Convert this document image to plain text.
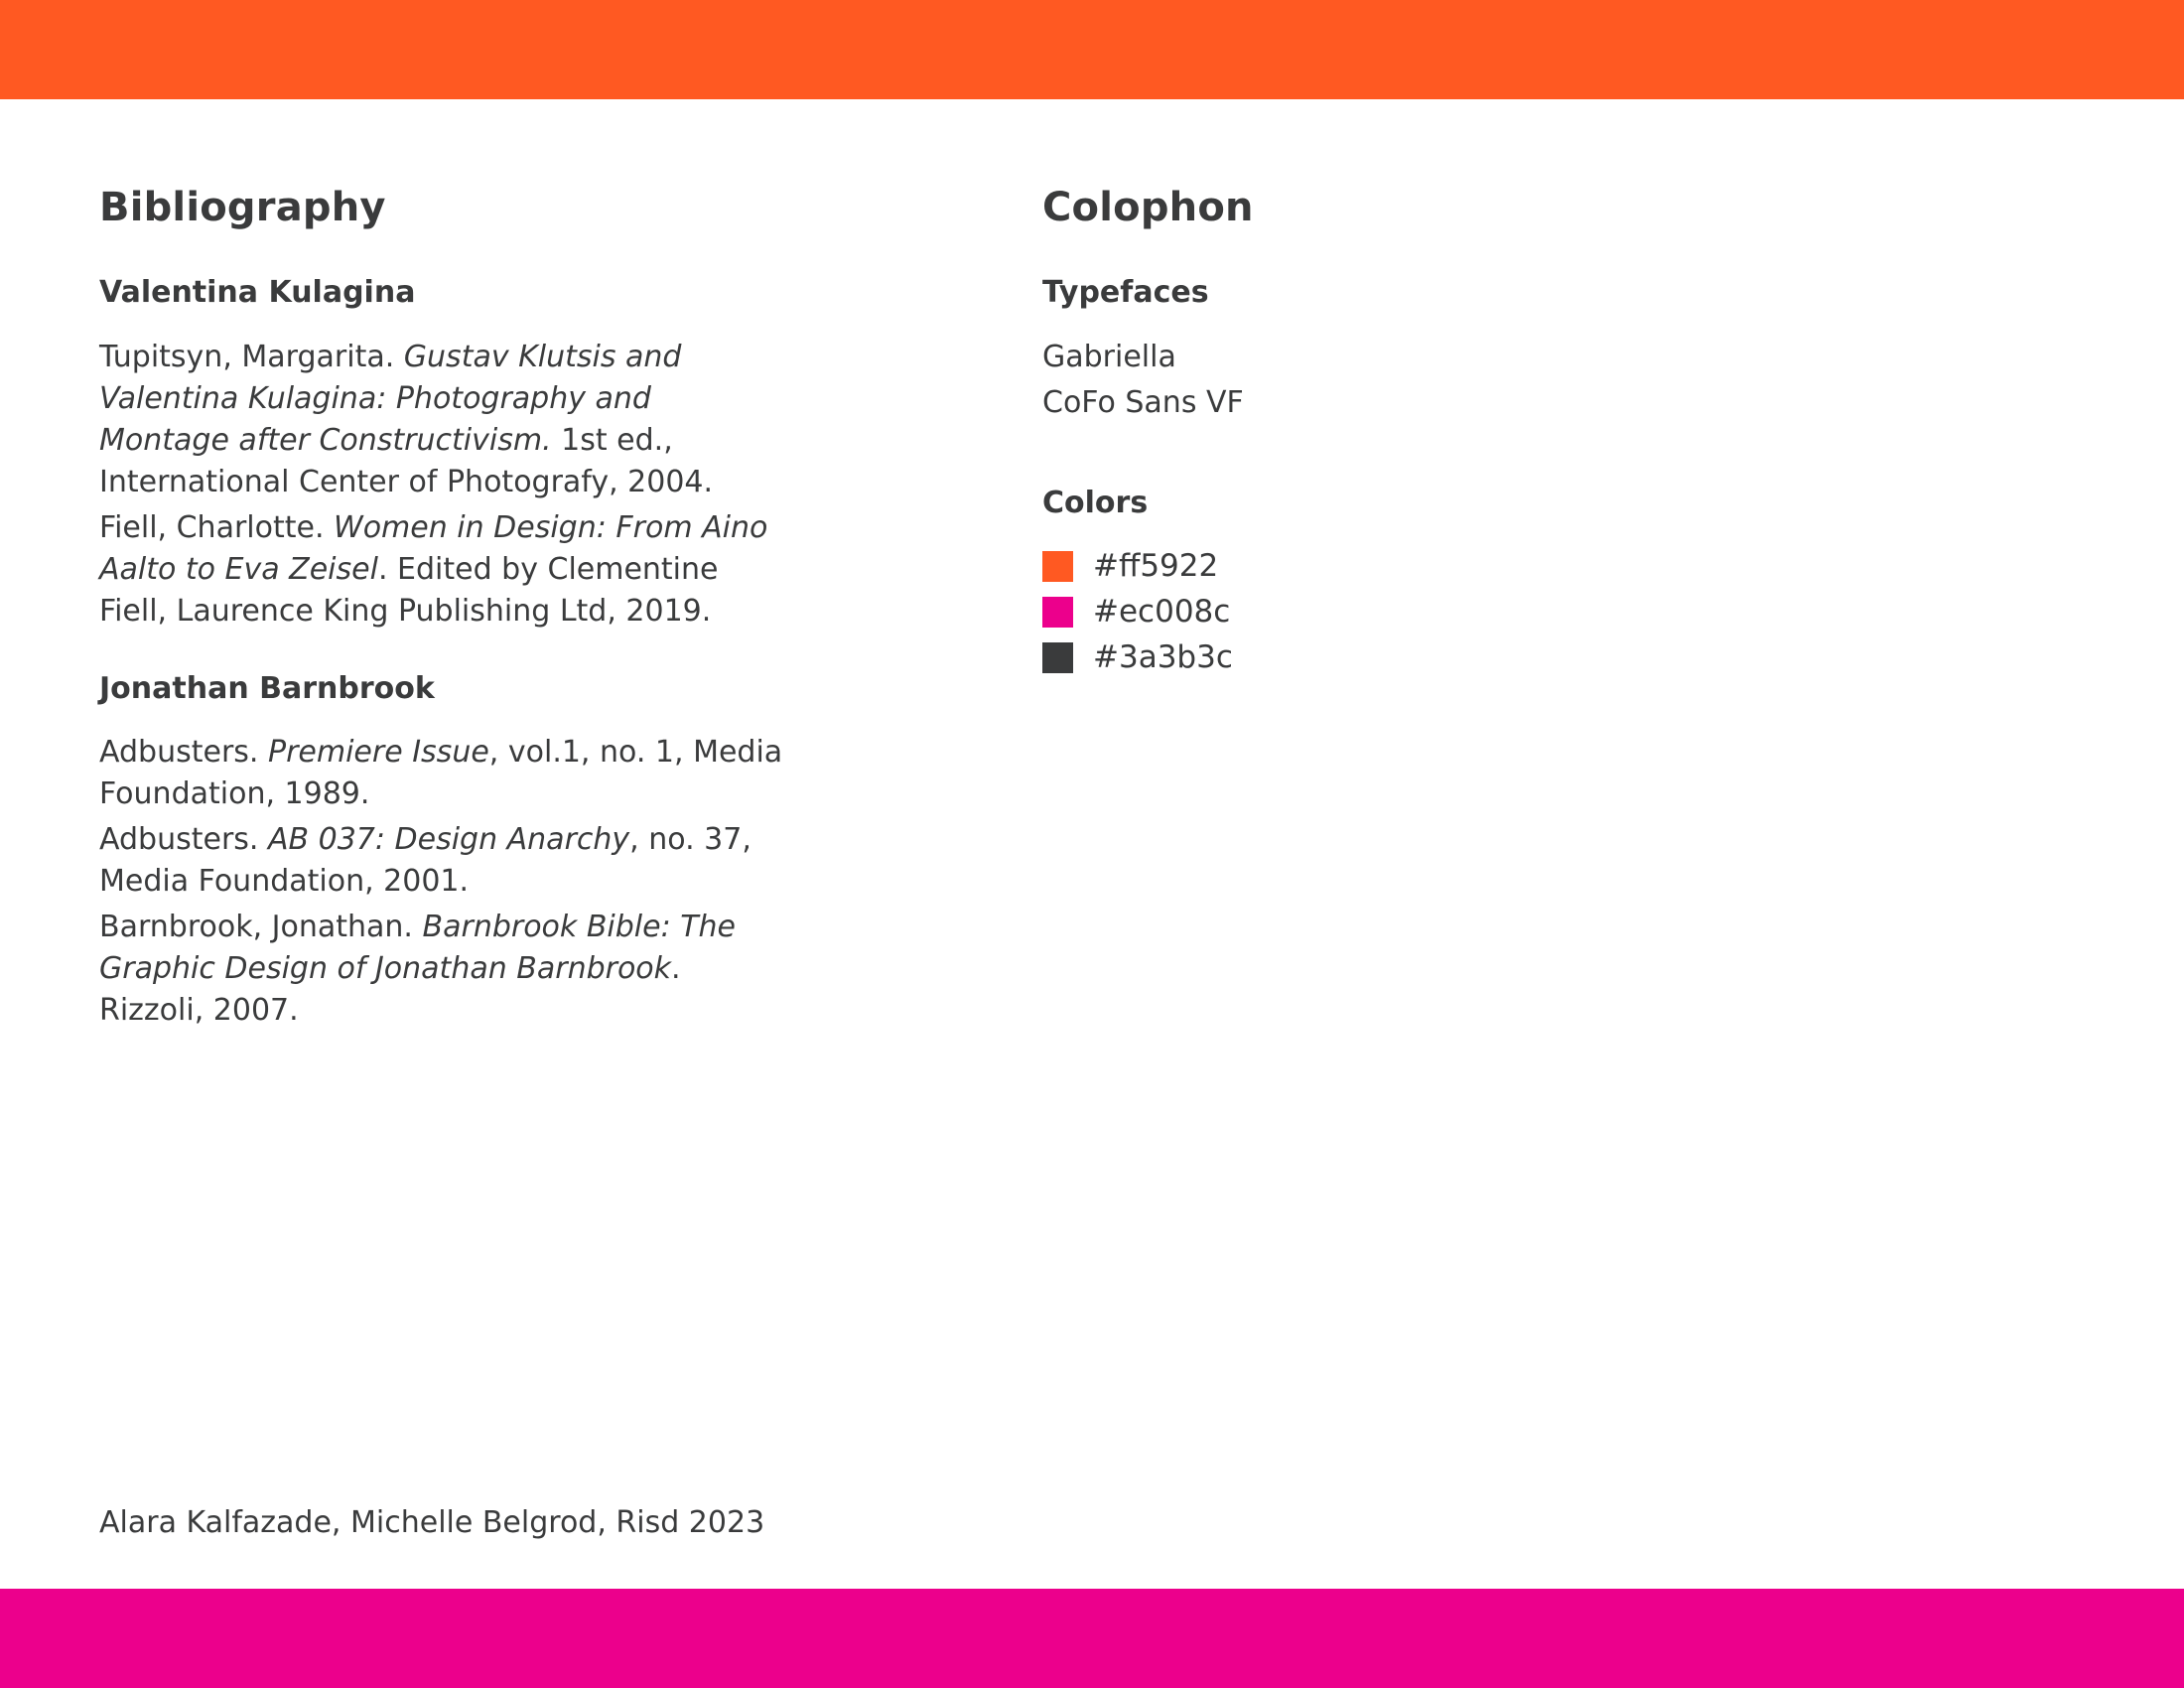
Bibliography
Valentina Kulagina

Tupitsyn, Margarita. Gustav Klutsis and Valentina Kulagina: Photography and Montage after Constructivism. 1st ed., International Center of Photografy, 2004.

Fiell, Charlotte. Women in Design: From Aino Aalto to Eva Zeisel. Edited by Clementine Fiell, Laurence King Publishing Ltd, 2019.

Jonathan Barnbrook

Adbusters. Premiere Issue, vol.1, no. 1, Media Foundation, 1989.

Adbusters. AB 037: Design Anarchy, no. 37, Media Foundation, 2001.

Barnbrook, Jonathan. Barnbrook Bible: The Graphic Design of Jonathan Barnbrook. Rizzoli, 2007.

Colophon
Typefaces
Gabriella
CoFo Sans VF
Colors
#ff5922
#ec008c
#3a3b3c

Alara Kalfazade, Michelle Belgrod, Risd 2023
